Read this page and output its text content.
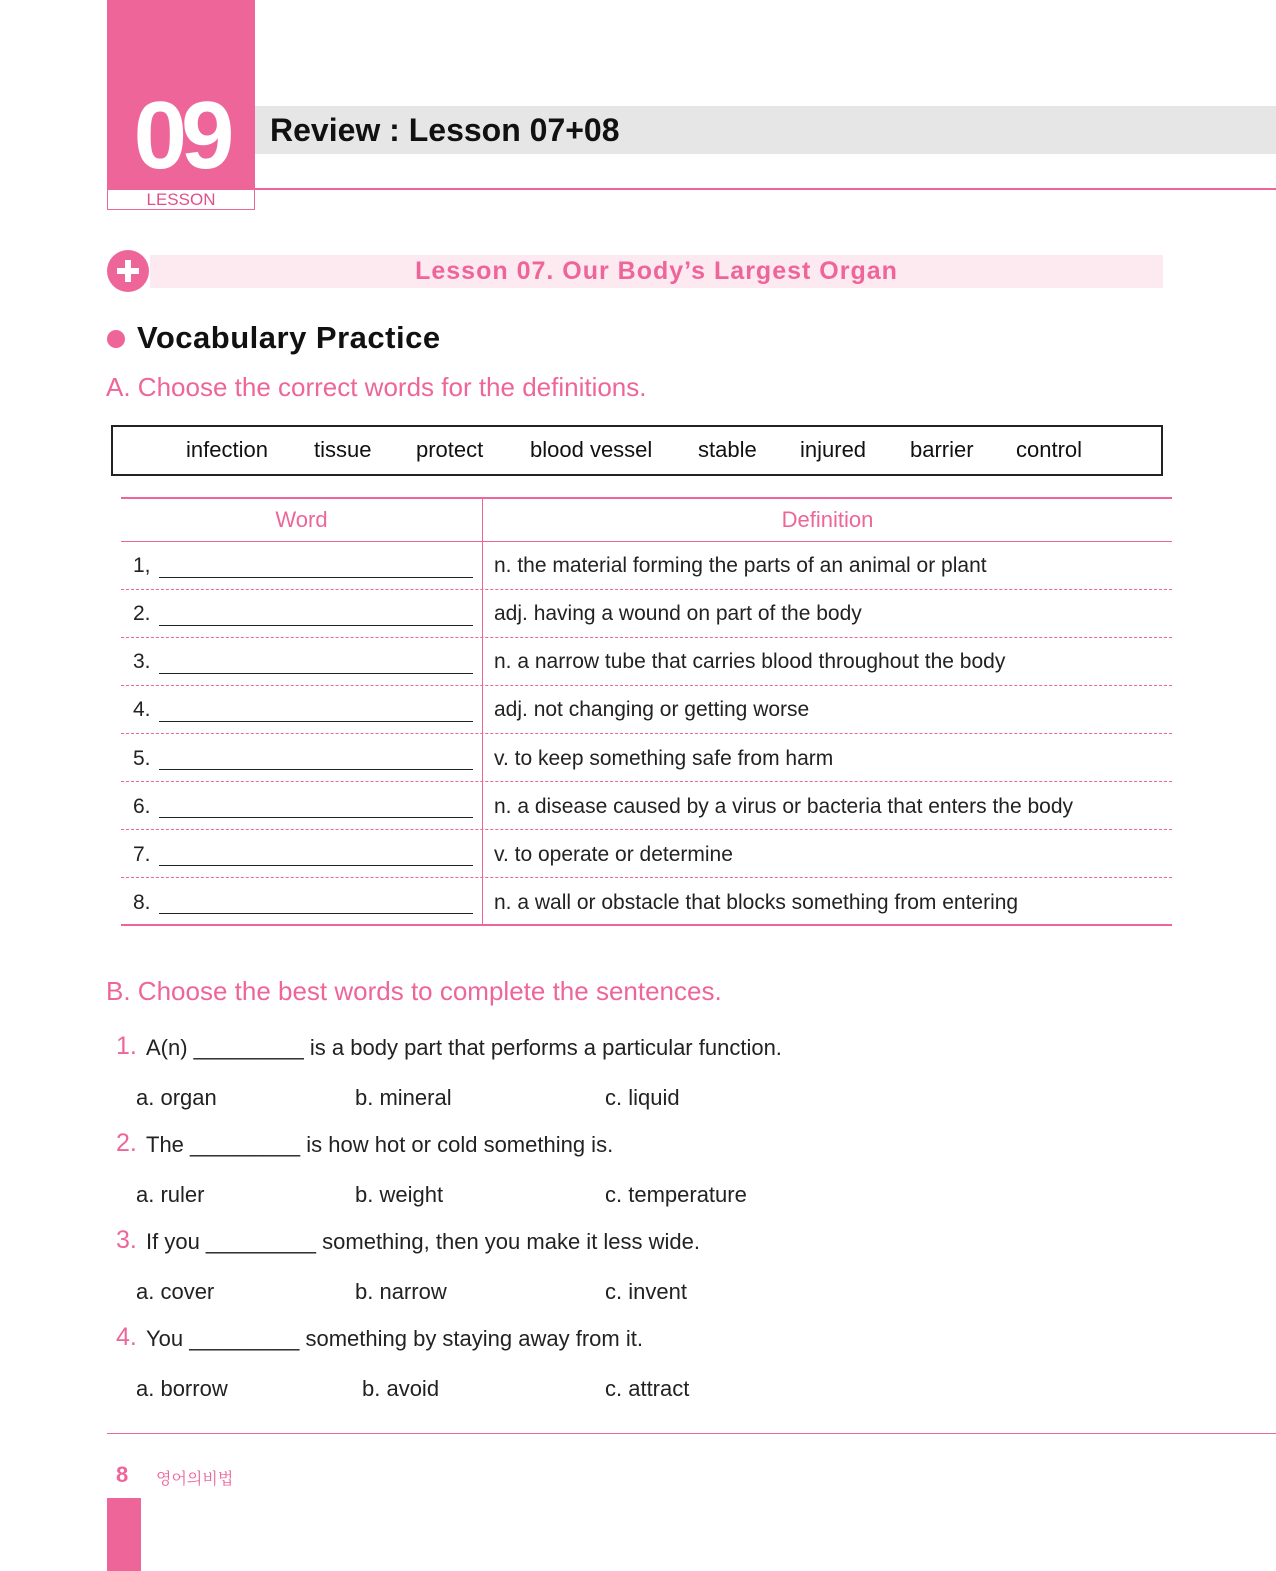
09
LESSON
Review : Lesson 07+08
Lesson 07. Our Body’s Largest Organ
Vocabulary Practice
A. Choose the correct words for the definitions.
infection tissue protect blood vessel stable injured barrier control
Word	Definition
1,	n. the material forming the parts of an animal or plant
2.	adj. having a wound on part of the body
3.	n. a narrow tube that carries blood throughout the body
4.	adj. not changing or getting worse
5.	v. to keep something safe from harm
6.	n. a disease caused by a virus or bacteria that enters the body
7.	v. to operate or determine
8.	n. a wall or obstacle that blocks something from entering
B. Choose the best words to complete the sentences.
1. A(n) _________ is a body part that performs a particular function.
a. organ	b. mineral	c. liquid
2. The _________ is how hot or cold something is.
a. ruler	b. weight	c. temperature
3. If you _________ something, then you make it less wide.
a. cover	b. narrow	c. invent
4. You _________ something by staying away from it.
a. borrow	b. avoid	c. attract
8 영어의비법
